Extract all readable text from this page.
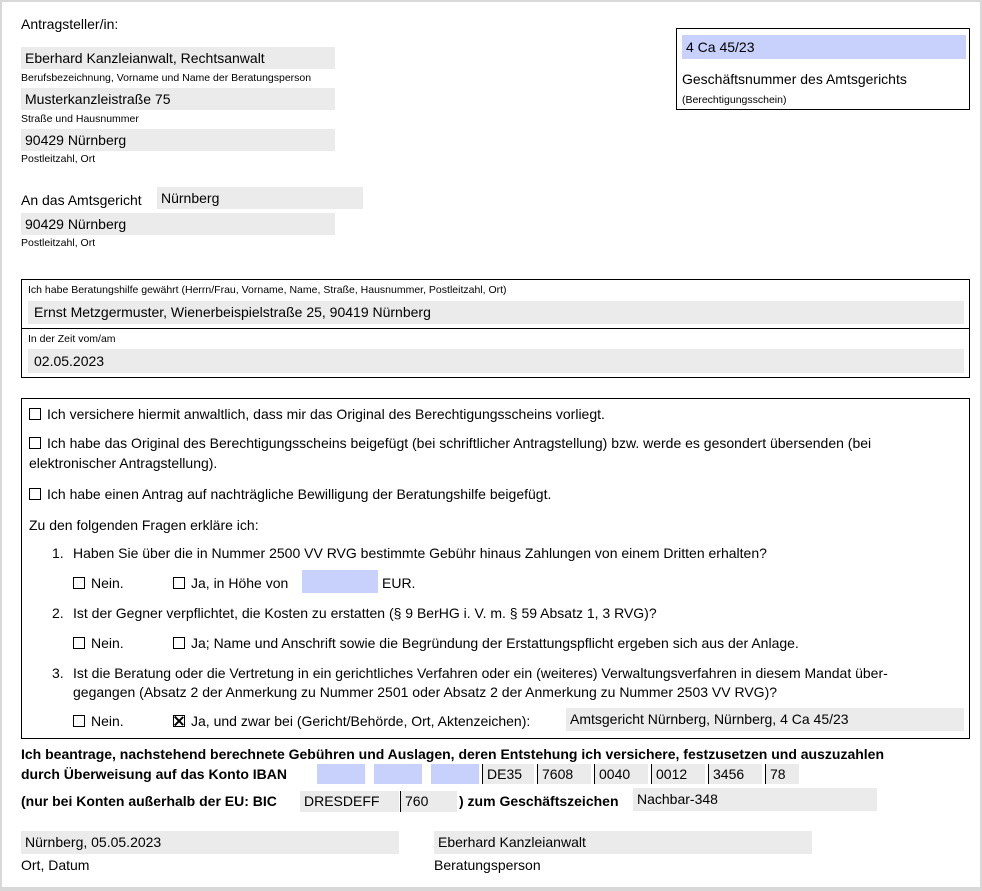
Antragsteller/in:
Eberhard Kanzleianwalt, Rechtsanwalt
Berufsbezeichnung, Vorname und Name der Beratungsperson
Musterkanzleistraße 75
Straße und Hausnummer
90429 Nürnberg
Postleitzahl, Ort
4 Ca 45/23
Geschäftsnummer des Amtsgerichts
(Berechtigungsschein)
An das Amtsgericht Nürnberg
90429 Nürnberg
Postleitzahl, Ort
Ich habe Beratungshilfe gewährt (Herrn/Frau, Vorname, Name, Straße, Hausnummer, Postleitzahl, Ort)
Ernst Metzgermuster, Wienerbeispielstraße 25, 90419 Nürnberg
In der Zeit vom/am
02.05.2023
Ich versichere hiermit anwaltlich, dass mir das Original des Berechtigungsscheins vorliegt.
Ich habe das Original des Berechtigungsscheins beigefügt (bei schriftlicher Antragstellung) bzw. werde es gesondert übersenden (bei elektronischer Antragstellung).
Ich habe einen Antrag auf nachträgliche Bewilligung der Beratungshilfe beigefügt.
Zu den folgenden Fragen erkläre ich:
1. Haben Sie über die in Nummer 2500 VV RVG bestimmte Gebühr hinaus Zahlungen von einem Dritten erhalten?
Nein.	Ja, in Höhe von	EUR.
2. Ist der Gegner verpflichtet, die Kosten zu erstatten (§ 9 BerHG i. V. m. § 59 Absatz 1, 3 RVG)?
Nein.	Ja; Name und Anschrift sowie die Begründung der Erstattungspflicht ergeben sich aus der Anlage.
3. Ist die Beratung oder die Vertretung in ein gerichtliches Verfahren oder ein (weiteres) Verwaltungsverfahren in diesem Mandat über-
gegangen (Absatz 2 der Anmerkung zu Nummer 2501 oder Absatz 2 der Anmerkung zu Nummer 2503 VV RVG)?
Nein.	Ja, und zwar bei (Gericht/Behörde, Ort, Aktenzeichen):	Amtsgericht Nürnberg, Nürnberg, 4 Ca 45/23
Ich beantrage, nachstehend berechnete Gebühren und Auslagen, deren Entstehung ich versichere, festzusetzen und auszuzahlen
durch Überweisung auf das Konto IBAN	DE35	7608	0040	0012	3456	78
(nur bei Konten außerhalb der EU: BIC DRESDEFF	760	) zum Geschäftszeichen Nachbar-348
Nürnberg, 05.05.2023
Ort, Datum
Eberhard Kanzleianwalt
Beratungsperson
